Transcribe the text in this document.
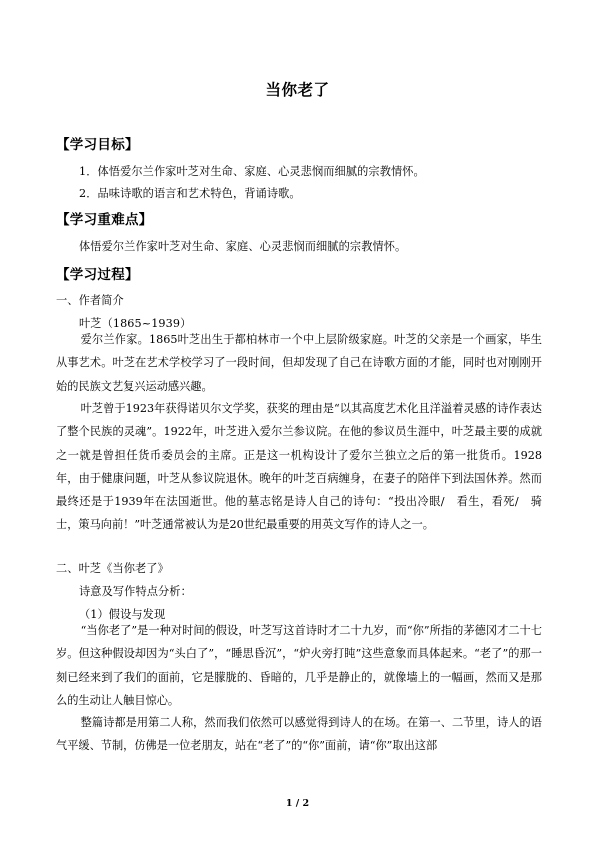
当你老了
【学习目标】
1．体悟爱尔兰作家叶芝对生命、家庭、心灵悲悯而细腻的宗教情怀。
2．品味诗歌的语言和艺术特色，背诵诗歌。
【学习重难点】
体悟爱尔兰作家叶芝对生命、家庭、心灵悲悯而细腻的宗教情怀。
【学习过程】
一、作者简介
叶芝（1865~1939）

爱尔兰作家。1865叶芝出生于都柏林市一个中上层阶级家庭。叶芝的父亲是一个画家，毕生从事艺术。叶芝在艺术学校学习了一段时间，但却发现了自己在诗歌方面的才能，同时也对刚刚开始的民族文艺复兴运动感兴趣。

叶芝曾于1923年获得诺贝尔文学奖，获奖的理由是“以其高度艺术化且洋溢着灵感的诗作表达了整个民族的灵魂”。1922年，叶芝进入爱尔兰参议院。在他的参议员生涯中，叶芝最主要的成就之一就是曾担任货币委员会的主席。正是这一机构设计了爱尔兰独立之后的第一批货币。1928年，由于健康问题，叶芝从参议院退休。晚年的叶芝百病缠身，在妻子的陪伴下到法国休养。然而最终还是于1939年在法国逝世。他的墓志铭是诗人自己的诗句：“投出冷眼/　看生，看死/　骑士，策马向前！”叶芝通常被认为是20世纪最重要的用英文写作的诗人之一。

二、叶芝《当你老了》
诗意及写作特点分析：
（1）假设与发现

“当你老了”是一种对时间的假设，叶芝写这首诗时才二十九岁，而“你”所指的茅德冈才二十七岁。但这种假设却因为“头白了”，“睡思昏沉”，“炉火旁打盹”这些意象而具体起来。“老了”的那一刻已经来到了我们的面前，它是朦胧的、昏暗的，几乎是静止的，就像墙上的一幅画，然而又是那么的生动让人触目惊心。

整篇诗都是用第二人称，然而我们依然可以感觉得到诗人的在场。在第一、二节里，诗人的语气平缓、节制，仿佛是一位老朋友，站在“老了”的“你”面前，请“你”取出这部

1 / 2
